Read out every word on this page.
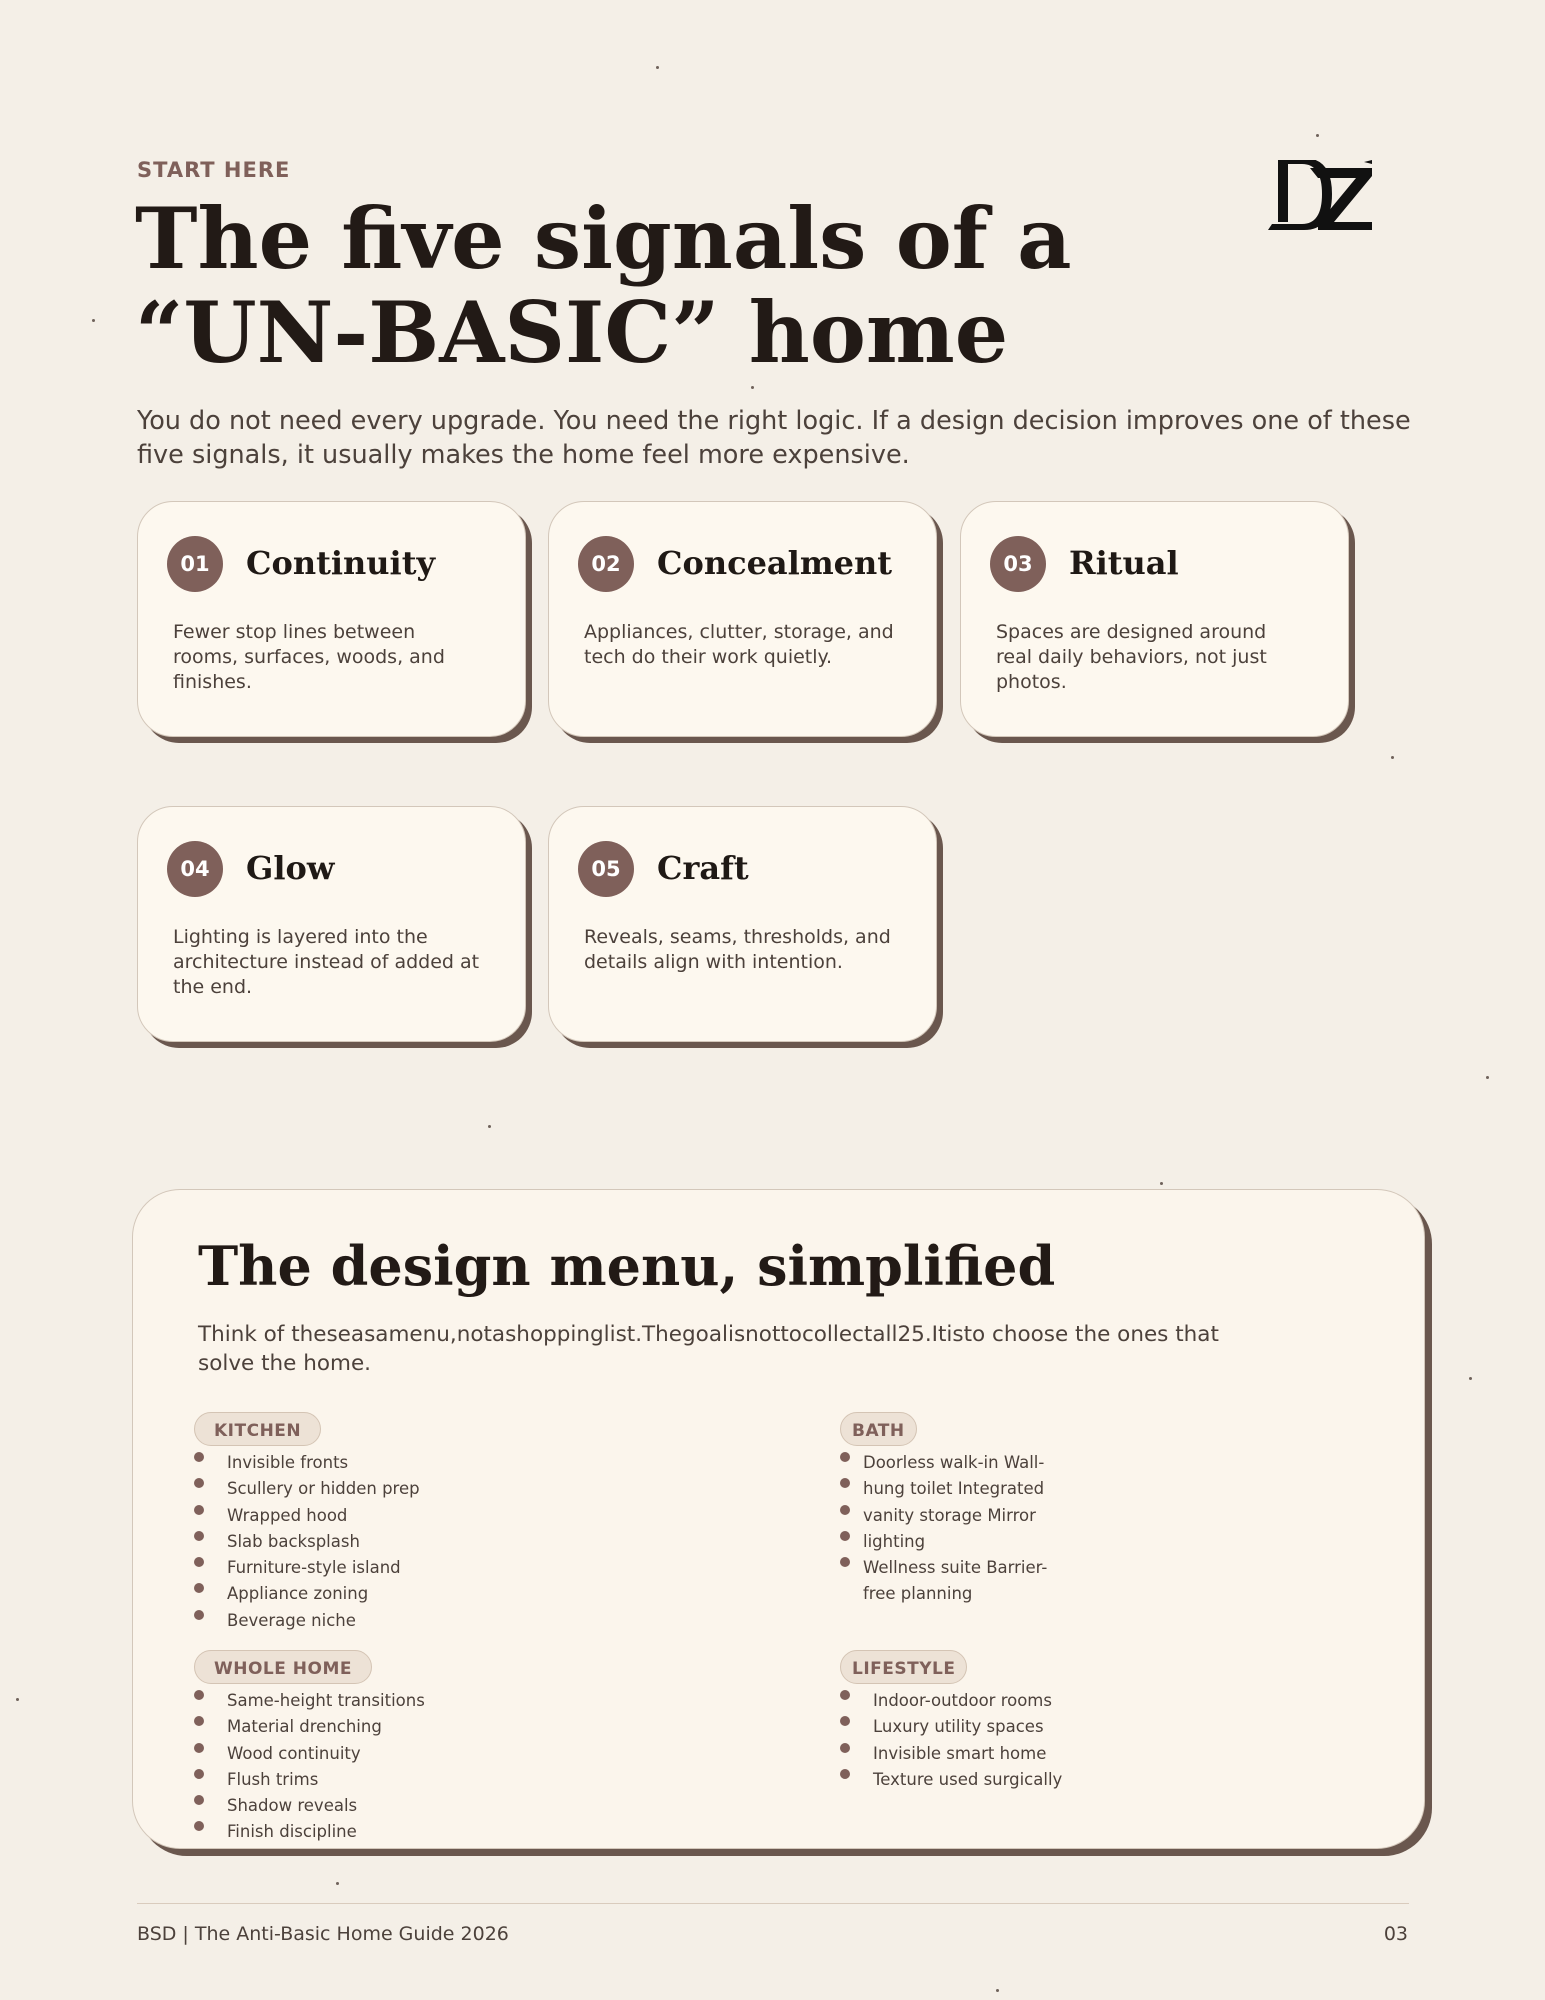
START HERE
The five signals of a
“UN-BASIC” home

You do not need every upgrade. You need the right logic. If a design decision improves one of these five signals, it usually makes the home feel more expensive.

01	Continuity

Fewer stop lines between rooms, surfaces, woods, and finishes.

02	Concealment

Appliances, clutter, storage, and tech do their work quietly.

03	Ritual

Spaces are designed around real daily behaviors, not just photos.

04	Glow

Lighting is layered into the architecture instead of added at the end.

05	Craft

Reveals, seams, thresholds, and details align with intention.

The design menu, simplified

Think of theseasamenu,notashoppinglist.Thegoalisnottocollectall25.Itisto choose the ones that solve the home.

KITCHEN
Invisible fronts
Scullery or hidden prep
Wrapped hood
Slab backsplash
Furniture-style island
Appliance zoning
Beverage niche
BATH
Doorless walk-in Wall-hung toilet Integrated vanity storage Mirror lighting
Wellness suite Barrier-free planning
WHOLE HOME
Same-height transitions
Material drenching
Wood continuity
Flush trims
Shadow reveals
Finish discipline
LIFESTYLE
Indoor-outdoor rooms
Luxury utility spaces
Invisible smart home
Texture used surgically
BSD | The Anti-Basic Home Guide 2026	03
